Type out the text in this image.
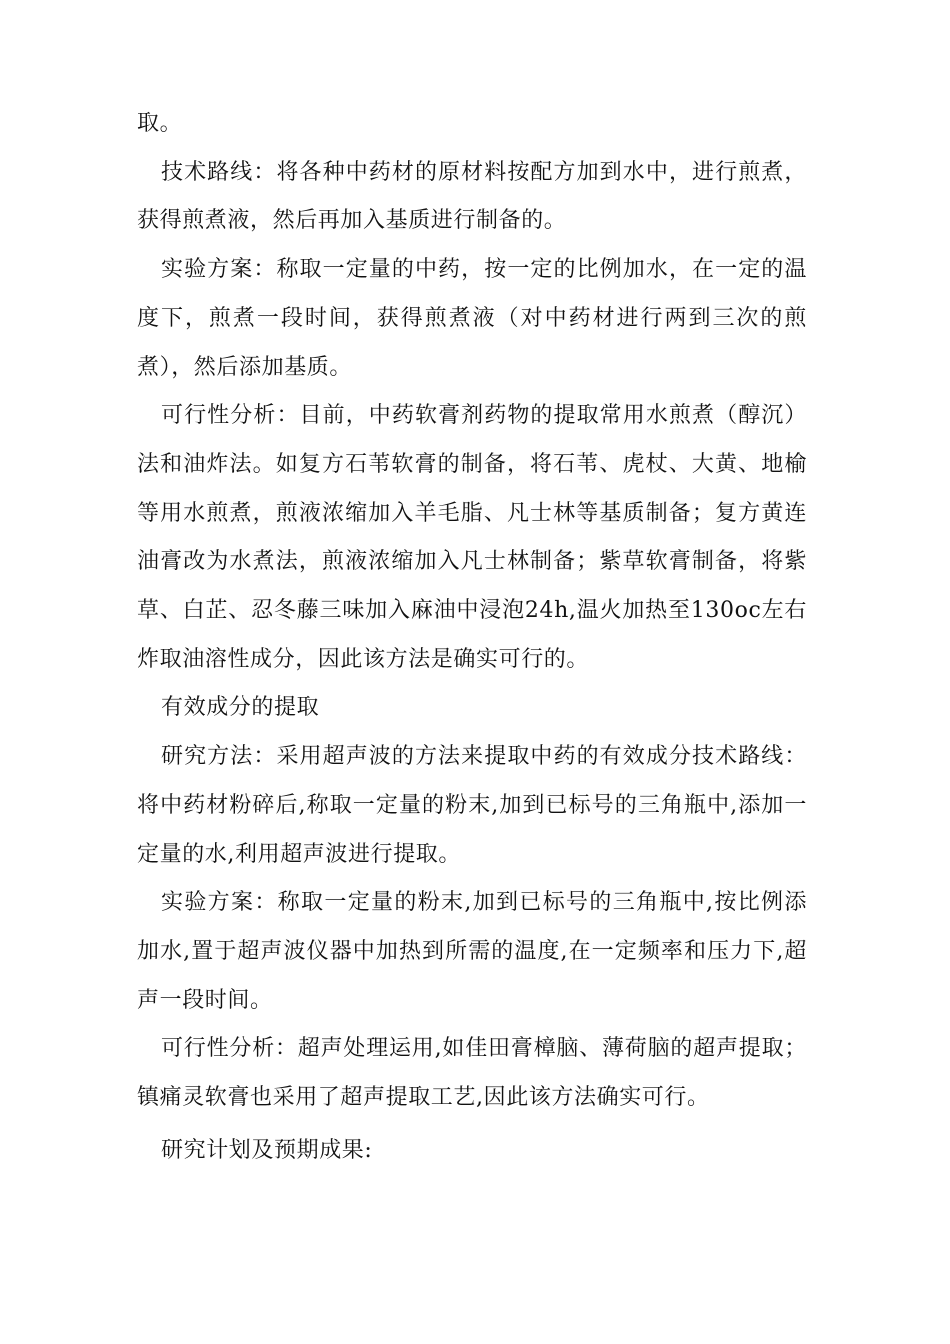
取。

技术路线：将各种中药材的原材料按配方加到水中，进行煎煮，获得煎煮液，然后再加入基质进行制备的。

实验方案：称取一定量的中药，按一定的比例加水，在一定的温度下，煎煮一段时间，获得煎煮液（对中药材进行两到三次的煎煮），然后添加基质。

可行性分析：目前，中药软膏剂药物的提取常用水煎煮（醇沉）法和油炸法。如复方石苇软膏的制备，将石苇、虎杖、大黄、地榆等用水煎煮，煎液浓缩加入羊毛脂、凡士林等基质制备；复方黄连油膏改为水煮法，煎液浓缩加入凡士林制备；紫草软膏制备，将紫草、白芷、忍冬藤三味加入麻油中浸泡24h,温火加热至130oc左右炸取油溶性成分，因此该方法是确实可行的。

有效成分的提取

研究方法：采用超声波的方法来提取中药的有效成分技术路线：将中药材粉碎后,称取一定量的粉末,加到已标号的三角瓶中,添加一定量的水,利用超声波进行提取。

实验方案：称取一定量的粉末,加到已标号的三角瓶中,按比例添加水,置于超声波仪器中加热到所需的温度,在一定频率和压力下,超声一段时间。

可行性分析：超声处理运用,如佳田膏樟脑、薄荷脑的超声提取；镇痛灵软膏也采用了超声提取工艺,因此该方法确实可行。

研究计划及预期成果:
